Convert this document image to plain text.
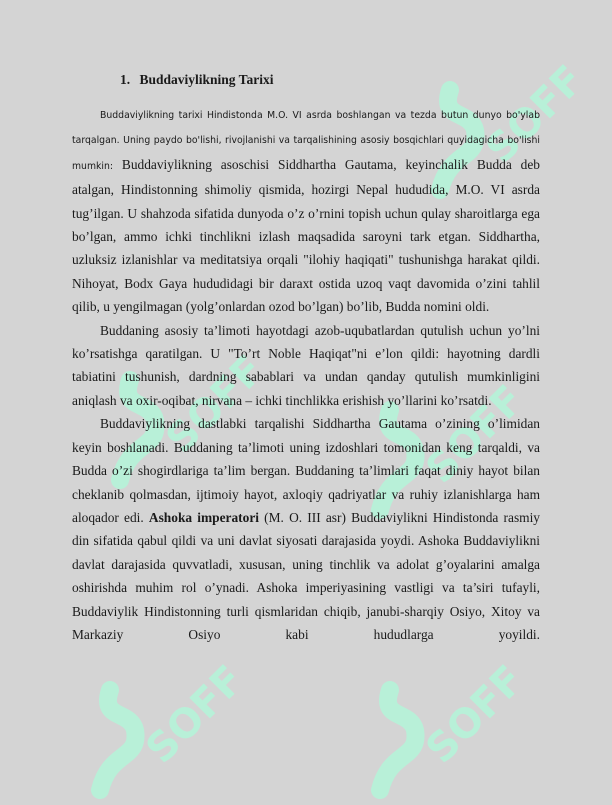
SOFF
SOFF	SOFF
SOFF	SOFF
1. Buddaviylikning Tarixi

Buddaviylikning tarixi Hindistonda M.O. VI asrda boshlangan va tezda butun dunyo bo'ylab tarqalgan. Uning paydo bo'lishi, rivojlanishi va tarqalishining asosiy bosqichlari quyidagicha bo'lishi mumkin: Buddaviylikning asoschisi Siddhartha Gautama, keyinchalik Budda deb atalgan, Hindistonning shimoliy qismida, hozirgi Nepal hududida, M.O. VI asrda tug’ilgan. U shahzoda sifatida dunyoda o’z o’rnini topish uchun qulay sharoitlarga ega bo’lgan, ammo ichki tinchlikni izlash maqsadida saroyni tark etgan. Siddhartha, uzluksiz izlanishlar va meditatsiya orqali "ilohiy haqiqati" tushunishga harakat qildi. Nihoyat, Bodx Gaya hududidagi bir daraxt ostida uzoq vaqt davomida o’zini tahlil qilib, u yengilmagan (yolg’onlardan ozod bo’lgan) bo’lib, Budda nomini oldi.

Buddaning asosiy ta’limoti hayotdagi azob-uqubatlardan qutulish uchun yo’lni ko’rsatishga qaratilgan. U "To’rt Noble Haqiqat"ni e’lon qildi: hayotning dardli tabiatini tushunish, dardning sabablari va undan qanday qutulish mumkinligini aniqlash va oxir-oqibat, nirvana – ichki tinchlikka erishish yo’llarini ko’rsatdi.

Buddaviylikning dastlabki tarqalishi Siddhartha Gautama o’zining o’limidan keyin boshlanadi. Buddaning ta’limoti uning izdoshlari tomonidan keng tarqaldi, va Budda o’zi shogirdlariga ta’lim bergan. Buddaning ta’limlari faqat diniy hayot bilan cheklanib qolmasdan, ijtimoiy hayot, axloqiy qadriyatlar va ruhiy izlanishlarga ham aloqador edi. Ashoka imperatori (M. O. III asr) Buddaviylikni Hindistonda rasmiy din sifatida qabul qildi va uni davlat siyosati darajasida yoydi. Ashoka Buddaviylikni davlat darajasida quvvatladi, xususan, uning tinchlik va adolat g’oyalarini amalga oshirishda muhim rol o’ynadi. Ashoka imperiyasining vastligi va ta’siri tufayli, Buddaviylik Hindistonning turli qismlaridan chiqib, janubi-sharqiy Osiyo, Xitoy va Markaziy Osiyo kabi hududlarga yoyildi.
